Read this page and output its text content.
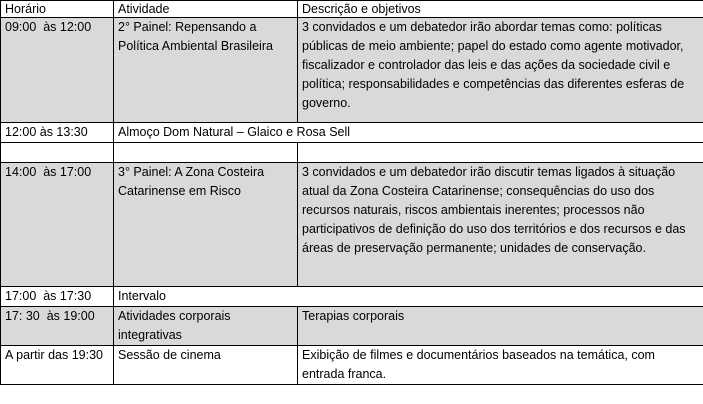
Horário	Atividade	Descrição e objetivos
09:00  às 12:00	2° Painel: Repensando a Política Ambiental Brasileira	3 convidados e um debatedor irão abordar temas como: políticas públicas de meio ambiente; papel do estado como agente motivador, fiscalizador e controlador das leis e das ações da sociedade civil e política; responsabilidades e competências das diferentes esferas de governo.
12:00 às 13:30	Almoço Dom Natural – Glaico e Rosa Sell	

14:00  às 17:00	3° Painel: A Zona Costeira Catarinense em Risco	3 convidados e um debatedor irão discutir temas ligados à situação atual da Zona Costeira Catarinense; consequências do uso dos recursos naturais, riscos ambientais inerentes; processos não participativos de definição do uso dos territórios e dos recursos e das áreas de preservação permanente; unidades de conservação.
17:00  às 17:30	Intervalo	
17: 30  às 19:00	Atividades corporais integrativas	Terapias corporais
A partir das 19:30	Sessão de cinema	Exibição de filmes e documentários baseados na temática, com entrada franca.
